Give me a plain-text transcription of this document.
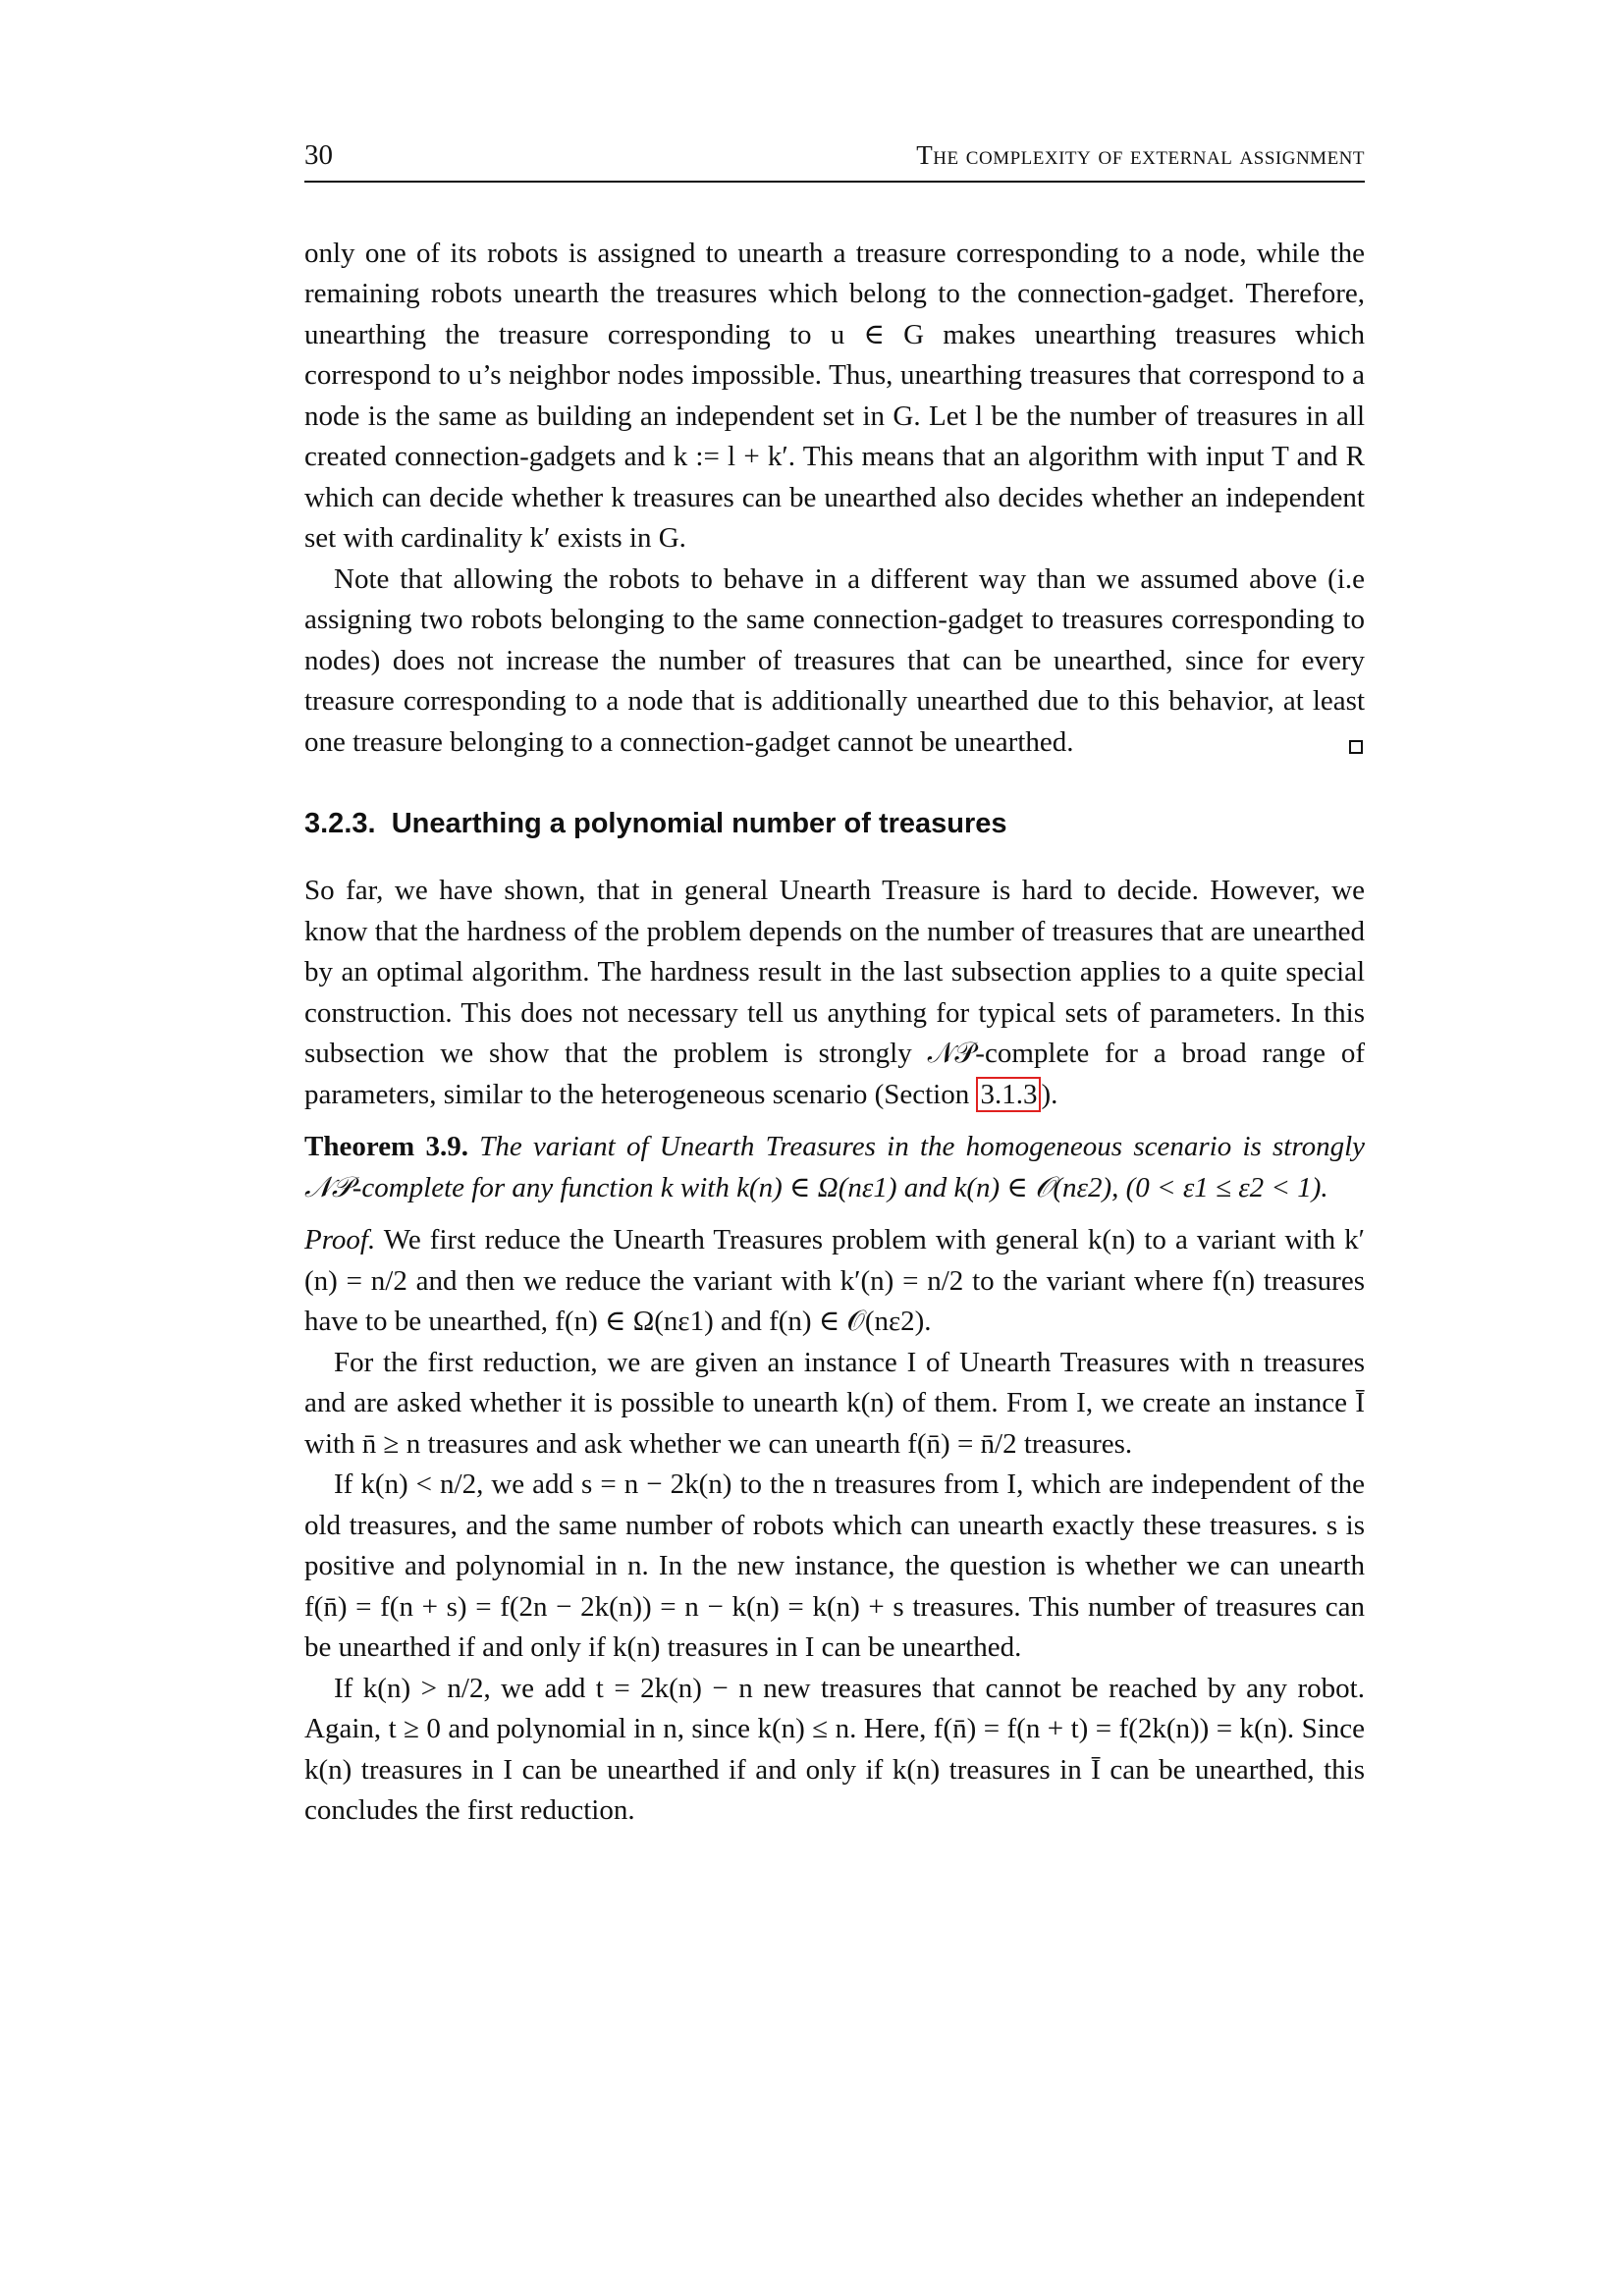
30	The complexity of external assignment

only one of its robots is assigned to unearth a treasure corresponding to a node, while the remaining robots unearth the treasures which belong to the connection-gadget. Therefore, unearthing the treasure corresponding to u ∈ G makes unearthing treasures which correspond to u’s neighbor nodes impossible. Thus, unearthing treasures that correspond to a node is the same as building an independent set in G. Let l be the number of treasures in all created connection-gadgets and k := l + k′. This means that an algorithm with input T and R which can decide whether k treasures can be unearthed also decides whether an independent set with cardinality k′ exists in G.

Note that allowing the robots to behave in a different way than we assumed above (i.e assigning two robots belonging to the same connection-gadget to treasures corresponding to nodes) does not increase the number of treasures that can be unearthed, since for every treasure corresponding to a node that is additionally unearthed due to this behavior, at least one treasure belonging to a connection-gadget cannot be unearthed.

3.2.3. Unearthing a polynomial number of treasures

So far, we have shown, that in general Unearth Treasure is hard to decide. However, we know that the hardness of the problem depends on the number of treasures that are unearthed by an optimal algorithm. The hardness result in the last subsection applies to a quite special construction. This does not necessary tell us anything for typical sets of parameters. In this subsection we show that the problem is strongly 𝒩𝒫-complete for a broad range of parameters, similar to the heterogeneous scenario (Section 3.1.3 ).

Theorem 3.9. The variant of Unearth Treasures in the homogeneous scenario is strongly 𝒩𝒫-complete for any function k with k(n) ∈ Ω(nε1) and k(n) ∈ 𝒪(nε2), (0 < ε1 ≤ ε2 < 1).

Proof. We first reduce the Unearth Treasures problem with general k(n) to a variant with k′(n) = n/2 and then we reduce the variant with k′(n) = n/2 to the variant where f(n) treasures have to be unearthed, f(n) ∈ Ω(nε1) and f(n) ∈ 𝒪(nε2).

For the first reduction, we are given an instance I of Unearth Treasures with n treasures and are asked whether it is possible to unearth k(n) of them. From I, we create an instance Ī with n̄ ≥ n treasures and ask whether we can unearth f(n̄) = n̄/2 treasures.

If k(n) < n/2, we add s = n − 2k(n) to the n treasures from I, which are independent of the old treasures, and the same number of robots which can unearth exactly these treasures. s is positive and polynomial in n. In the new instance, the question is whether we can unearth f(n̄) = f(n + s) = f(2n − 2k(n)) = n − k(n) = k(n) + s treasures. This number of treasures can be unearthed if and only if k(n) treasures in I can be unearthed.

If k(n) > n/2, we add t = 2k(n) − n new treasures that cannot be reached by any robot. Again, t ≥ 0 and polynomial in n, since k(n) ≤ n. Here, f(n̄) = f(n + t) = f(2k(n)) = k(n). Since k(n) treasures in I can be unearthed if and only if k(n) treasures in Ī can be unearthed, this concludes the first reduction.
